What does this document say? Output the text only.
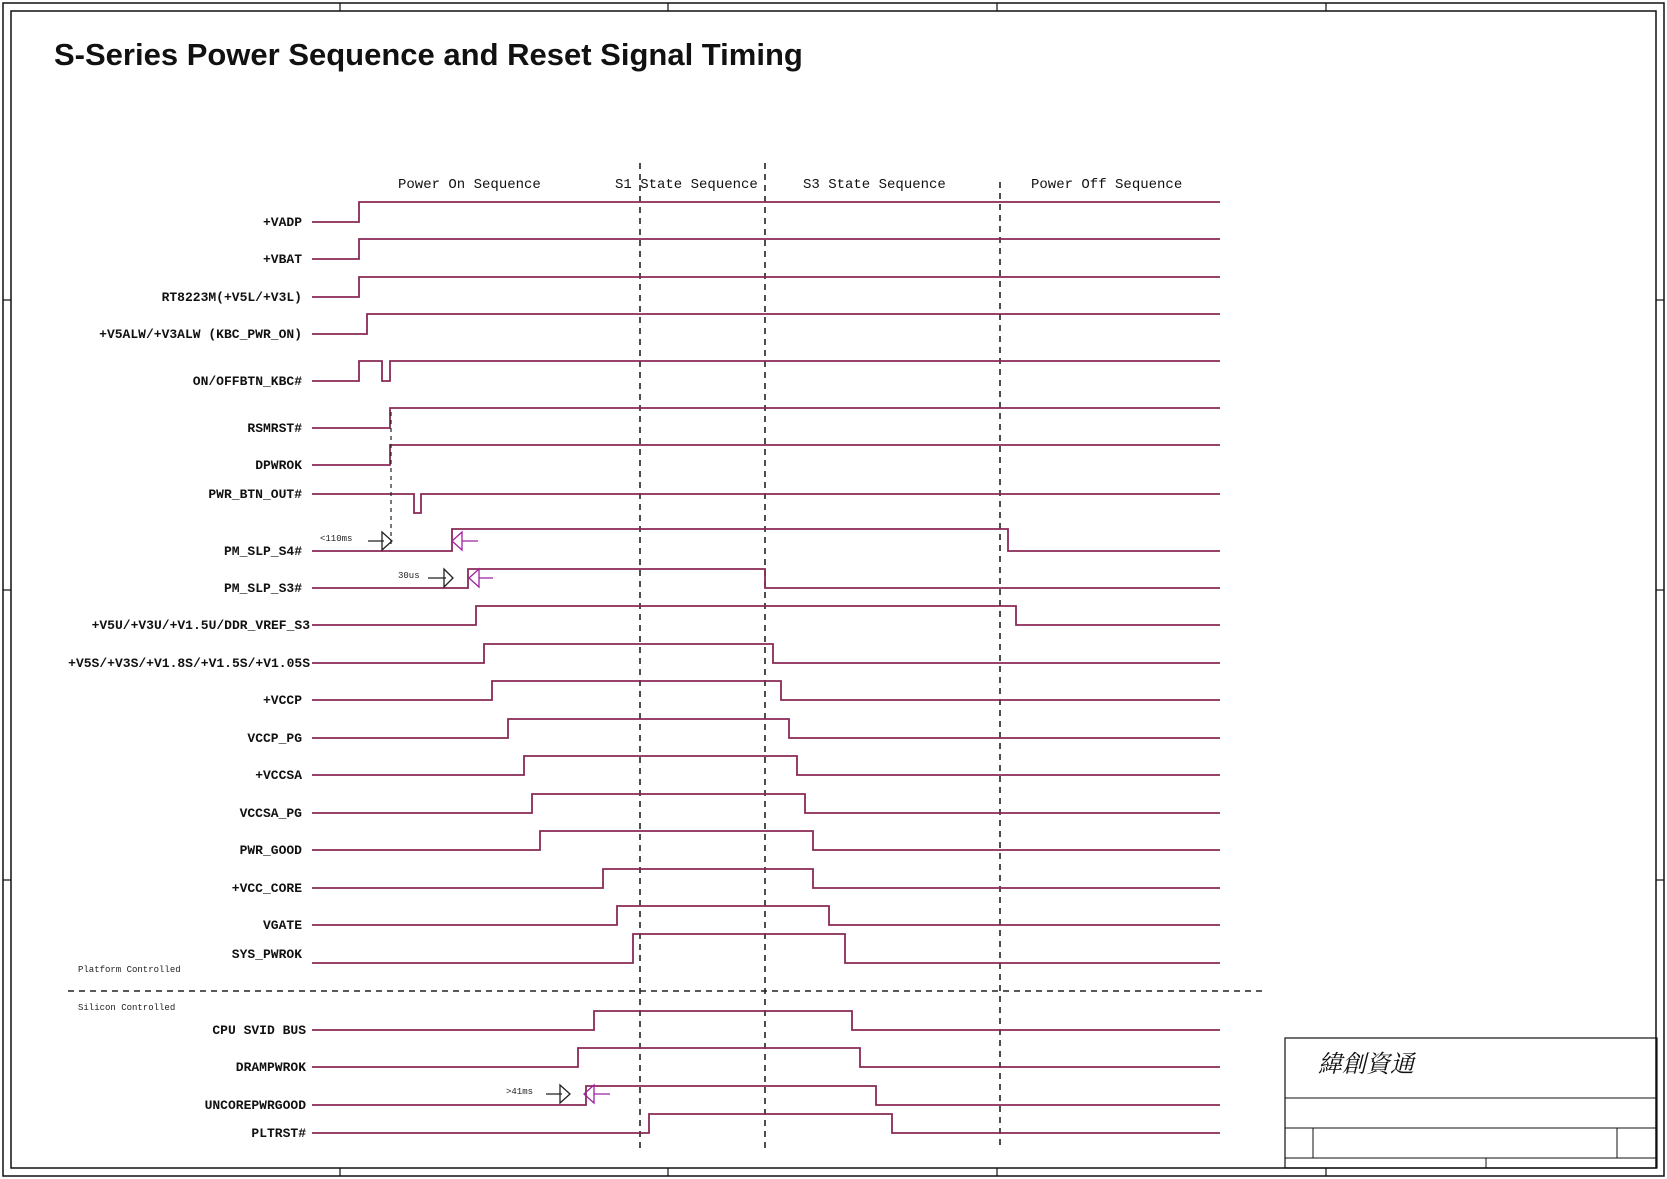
S-Series Power Sequence and Reset Signal Timing
Power On Sequence	S1 State Sequence	S3 State Sequence	Power Off Sequence
Platform Controlled
Silicon Controlled
+VADP
+VBAT
RT8223M(+V5L/+V3L)
+V5ALW/+V3ALW (KBC_PWR_ON)
ON/OFFBTN_KBC#
RSMRST#
DPWROK
PWR_BTN_OUT#
PM_SLP_S4#
PM_SLP_S3#
+V5U/+V3U/+V1.5U/DDR_VREF_S3
+V5S/+V3S/+V1.8S/+V1.5S/+V1.05S
+VCCP
VCCP_PG
+VCCSA
VCCSA_PG
PWR_GOOD
+VCC_CORE
VGATE
SYS_PWROK
CPU SVID BUS
DRAMPWROK
UNCOREPWRGOOD
PLTRST#
<110ms
30us
>41ms
緯創資通
